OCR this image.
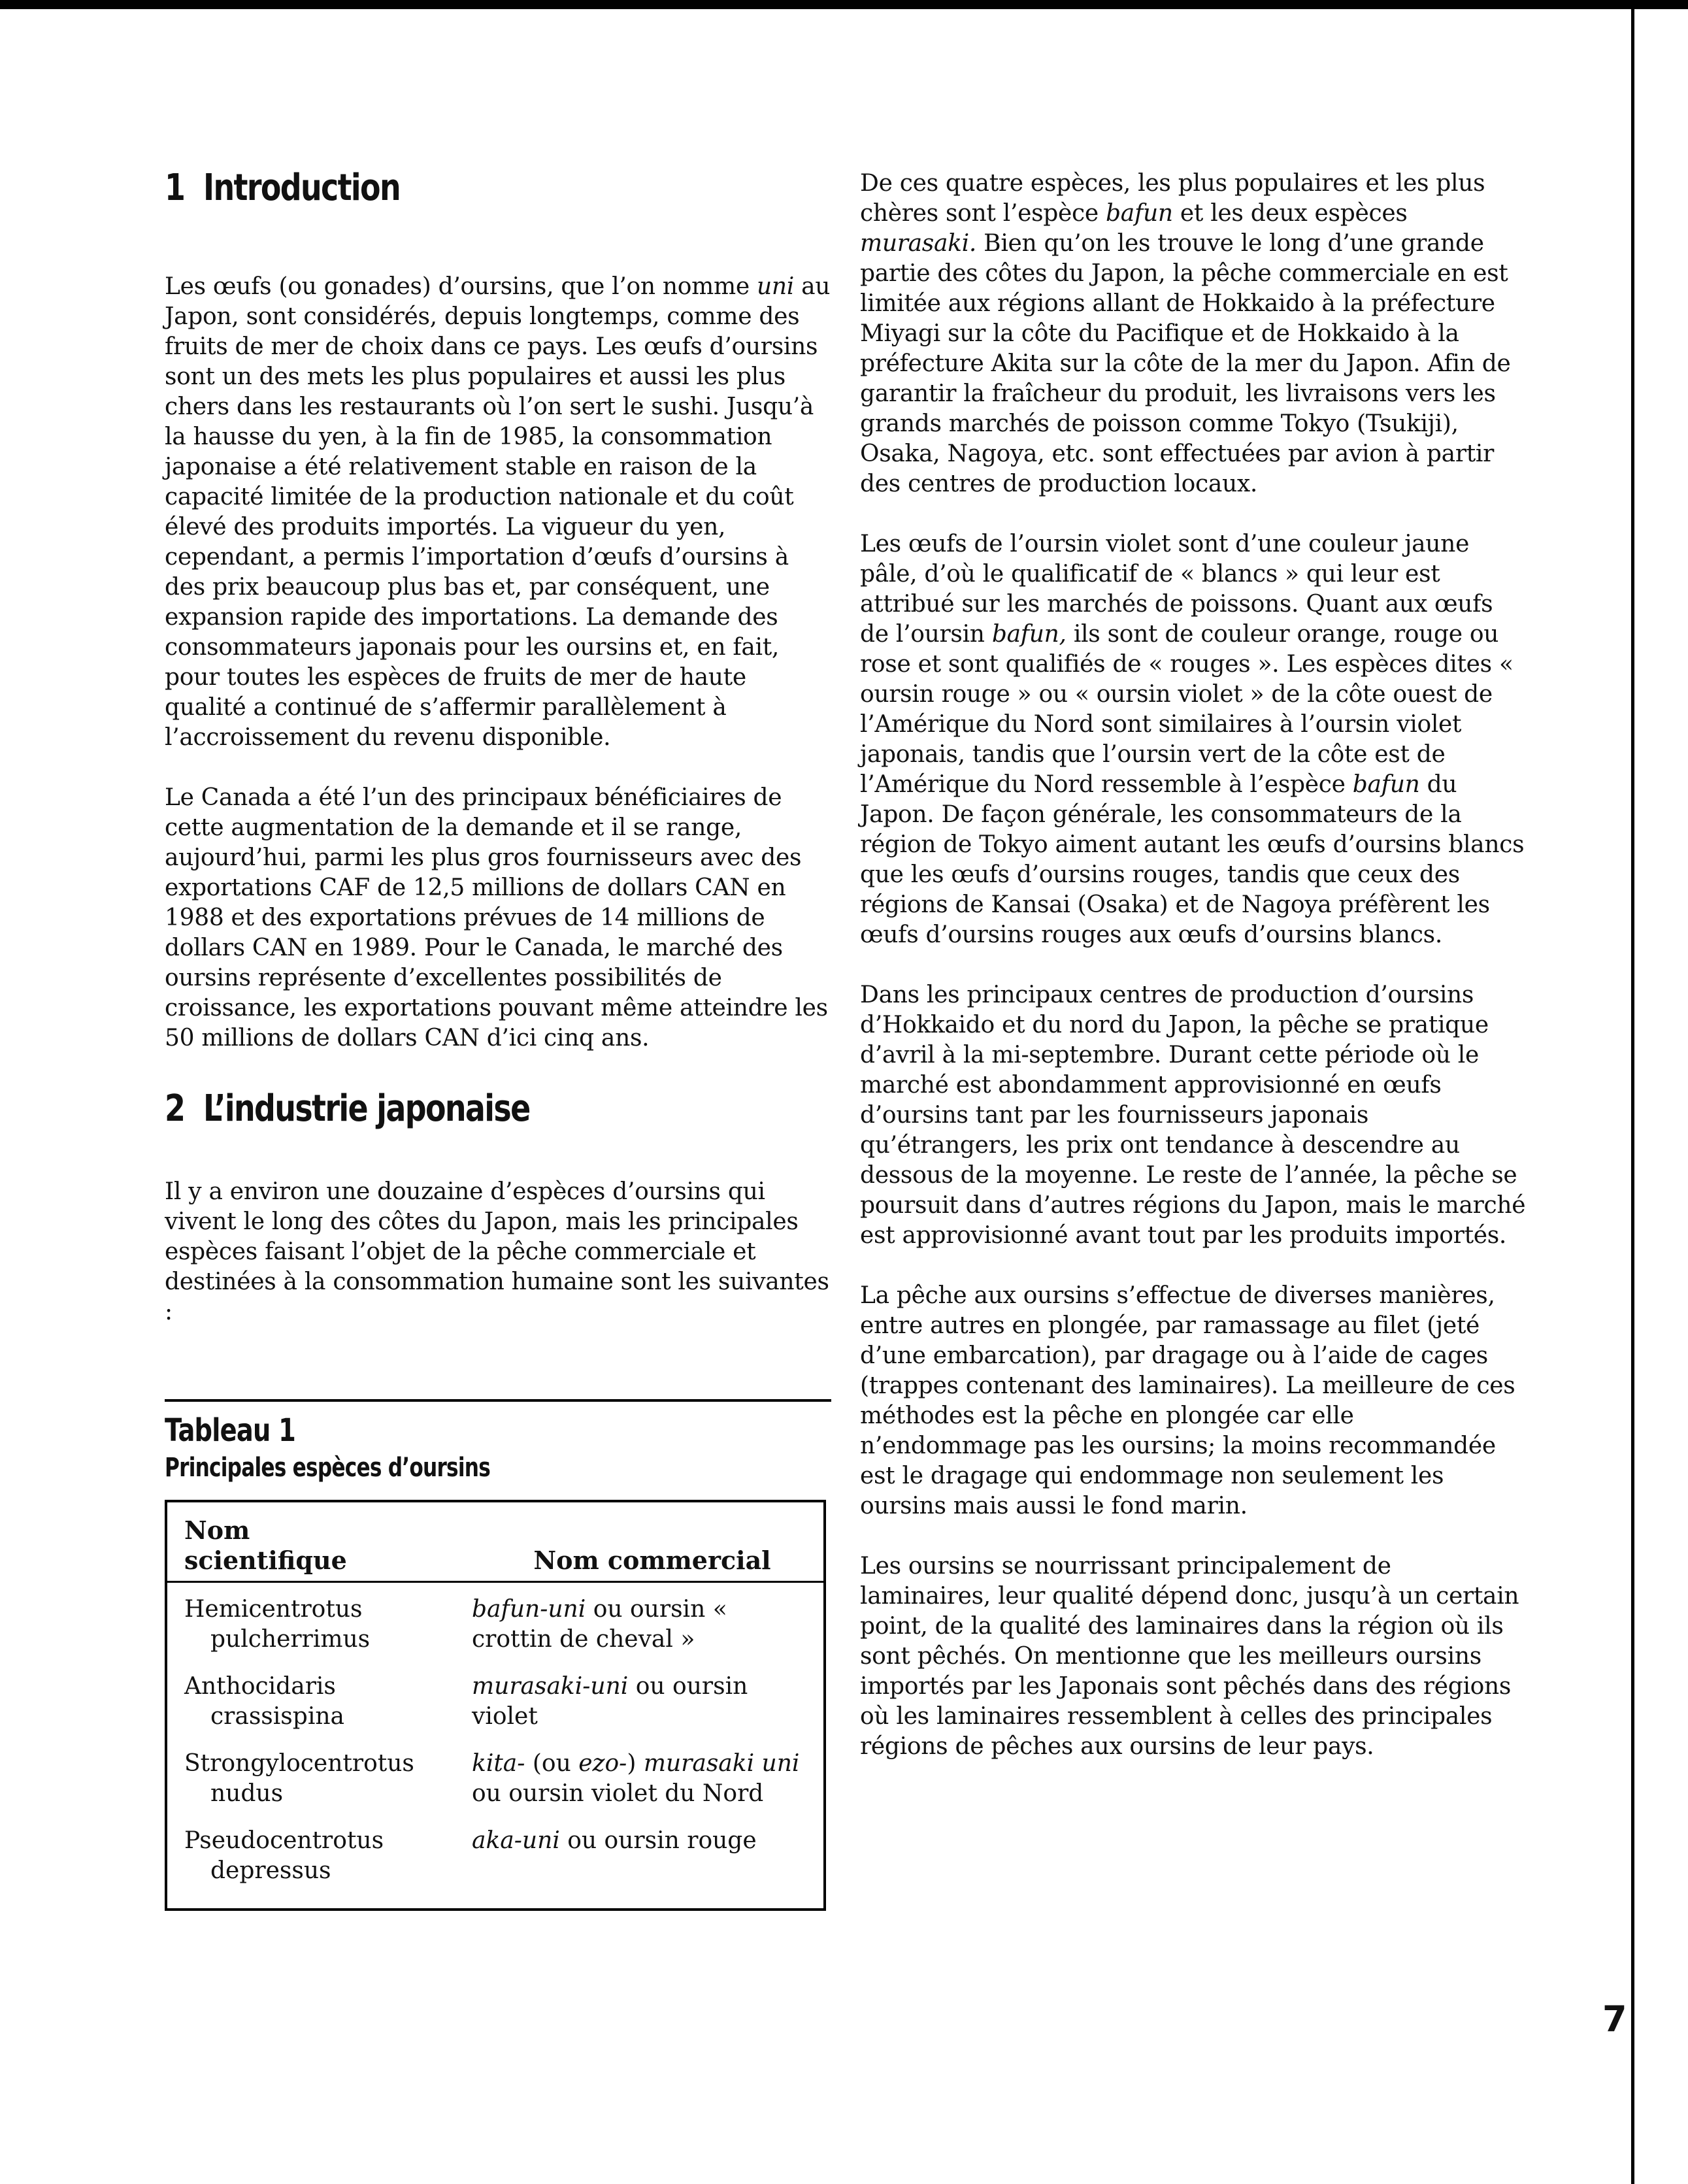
1 Introduction

Les œufs (ou gonades) d’oursins, que l’on nomme uni au Japon, sont considérés, depuis longtemps, comme des fruits de mer de choix dans ce pays. Les œufs d’oursins sont un des mets les plus populaires et aussi les plus chers dans les restaurants où l’on sert le sushi. Jusqu’à la hausse du yen, à la fin de 1985, la consommation japonaise a été relativement stable en raison de la capacité limitée de la production nationale et du coût élevé des produits importés. La vigueur du yen, cependant, a permis l’importation d’œufs d’oursins à des prix beaucoup plus bas et, par conséquent, une expansion rapide des importations. La demande des consommateurs japonais pour les oursins et, en fait, pour toutes les espèces de fruits de mer de haute qualité a continué de s’affermir parallèlement à l’accroissement du revenu disponible.

Le Canada a été l’un des principaux bénéficiaires de cette augmentation de la demande et il se range, aujourd’hui, parmi les plus gros fournisseurs avec des exportations CAF de 12,5 millions de dollars CAN en 1988 et des exportations prévues de 14 millions de dollars CAN en 1989. Pour le Canada, le marché des oursins représente d’excellentes possibilités de croissance, les exportations pouvant même atteindre les 50 millions de dollars CAN d’ici cinq ans.

2 L’industrie japonaise

Il y a environ une douzaine d’espèces d’oursins qui vivent le long des côtes du Japon, mais les principales espèces faisant l’objet de la pêche commerciale et destinées à la consommation humaine sont les suivantes :

Tableau 1

Principales espèces d’oursins

Nom
scientifique	Nom commercial
Hemicentrotus
pulcherrimus
bafun-uni ou oursin « crottin de cheval »
Anthocidaris
crassispina
murasaki-uni ou oursin violet
Strongylocentrotus
nudus
kita- (ou ezo-) murasaki uni ou oursin violet du Nord
Pseudocentrotus
depressus
aka-uni ou oursin rouge

De ces quatre espèces, les plus populaires et les plus chères sont l’espèce bafun et les deux espèces murasaki. Bien qu’on les trouve le long d’une grande partie des côtes du Japon, la pêche commerciale en est limitée aux régions allant de Hokkaido à la préfecture Miyagi sur la côte du Pacifique et de Hokkaido à la préfecture Akita sur la côte de la mer du Japon. Afin de garantir la fraîcheur du produit, les livraisons vers les grands marchés de poisson comme Tokyo (Tsukiji), Osaka, Nagoya, etc. sont effectuées par avion à partir des centres de production locaux.

Les œufs de l’oursin violet sont d’une couleur jaune pâle, d’où le qualificatif de « blancs » qui leur est attribué sur les marchés de poissons. Quant aux œufs de l’oursin bafun, ils sont de couleur orange, rouge ou rose et sont qualifiés de « rouges ». Les espèces dites « oursin rouge » ou « oursin violet » de la côte ouest de l’Amérique du Nord sont similaires à l’oursin violet japonais, tandis que l’oursin vert de la côte est de l’Amérique du Nord ressemble à l’espèce bafun du Japon. De façon générale, les consommateurs de la région de Tokyo aiment autant les œufs d’oursins blancs que les œufs d’oursins rouges, tandis que ceux des régions de Kansai (Osaka) et de Nagoya préfèrent les œufs d’oursins rouges aux œufs d’oursins blancs.

Dans les principaux centres de production d’oursins d’Hokkaido et du nord du Japon, la pêche se pratique d’avril à la mi-septembre. Durant cette période où le marché est abondamment approvisionné en œufs d’oursins tant par les fournisseurs japonais qu’étrangers, les prix ont tendance à descendre au dessous de la moyenne. Le reste de l’année, la pêche se poursuit dans d’autres régions du Japon, mais le marché est approvisionné avant tout par les produits importés.

La pêche aux oursins s’effectue de diverses manières, entre autres en plongée, par ramassage au filet (jeté d’une embarcation), par dragage ou à l’aide de cages (trappes contenant des laminaires). La meilleure de ces méthodes est la pêche en plongée car elle n’endommage pas les oursins; la moins recommandée est le dragage qui endommage non seulement les oursins mais aussi le fond marin.

Les oursins se nourrissant principalement de laminaires, leur qualité dépend donc, jusqu’à un certain point, de la qualité des laminaires dans la région où ils sont pêchés. On mentionne que les meilleurs oursins importés par les Japonais sont pêchés dans des régions où les laminaires ressemblent à celles des principales régions de pêches aux oursins de leur pays.

7
